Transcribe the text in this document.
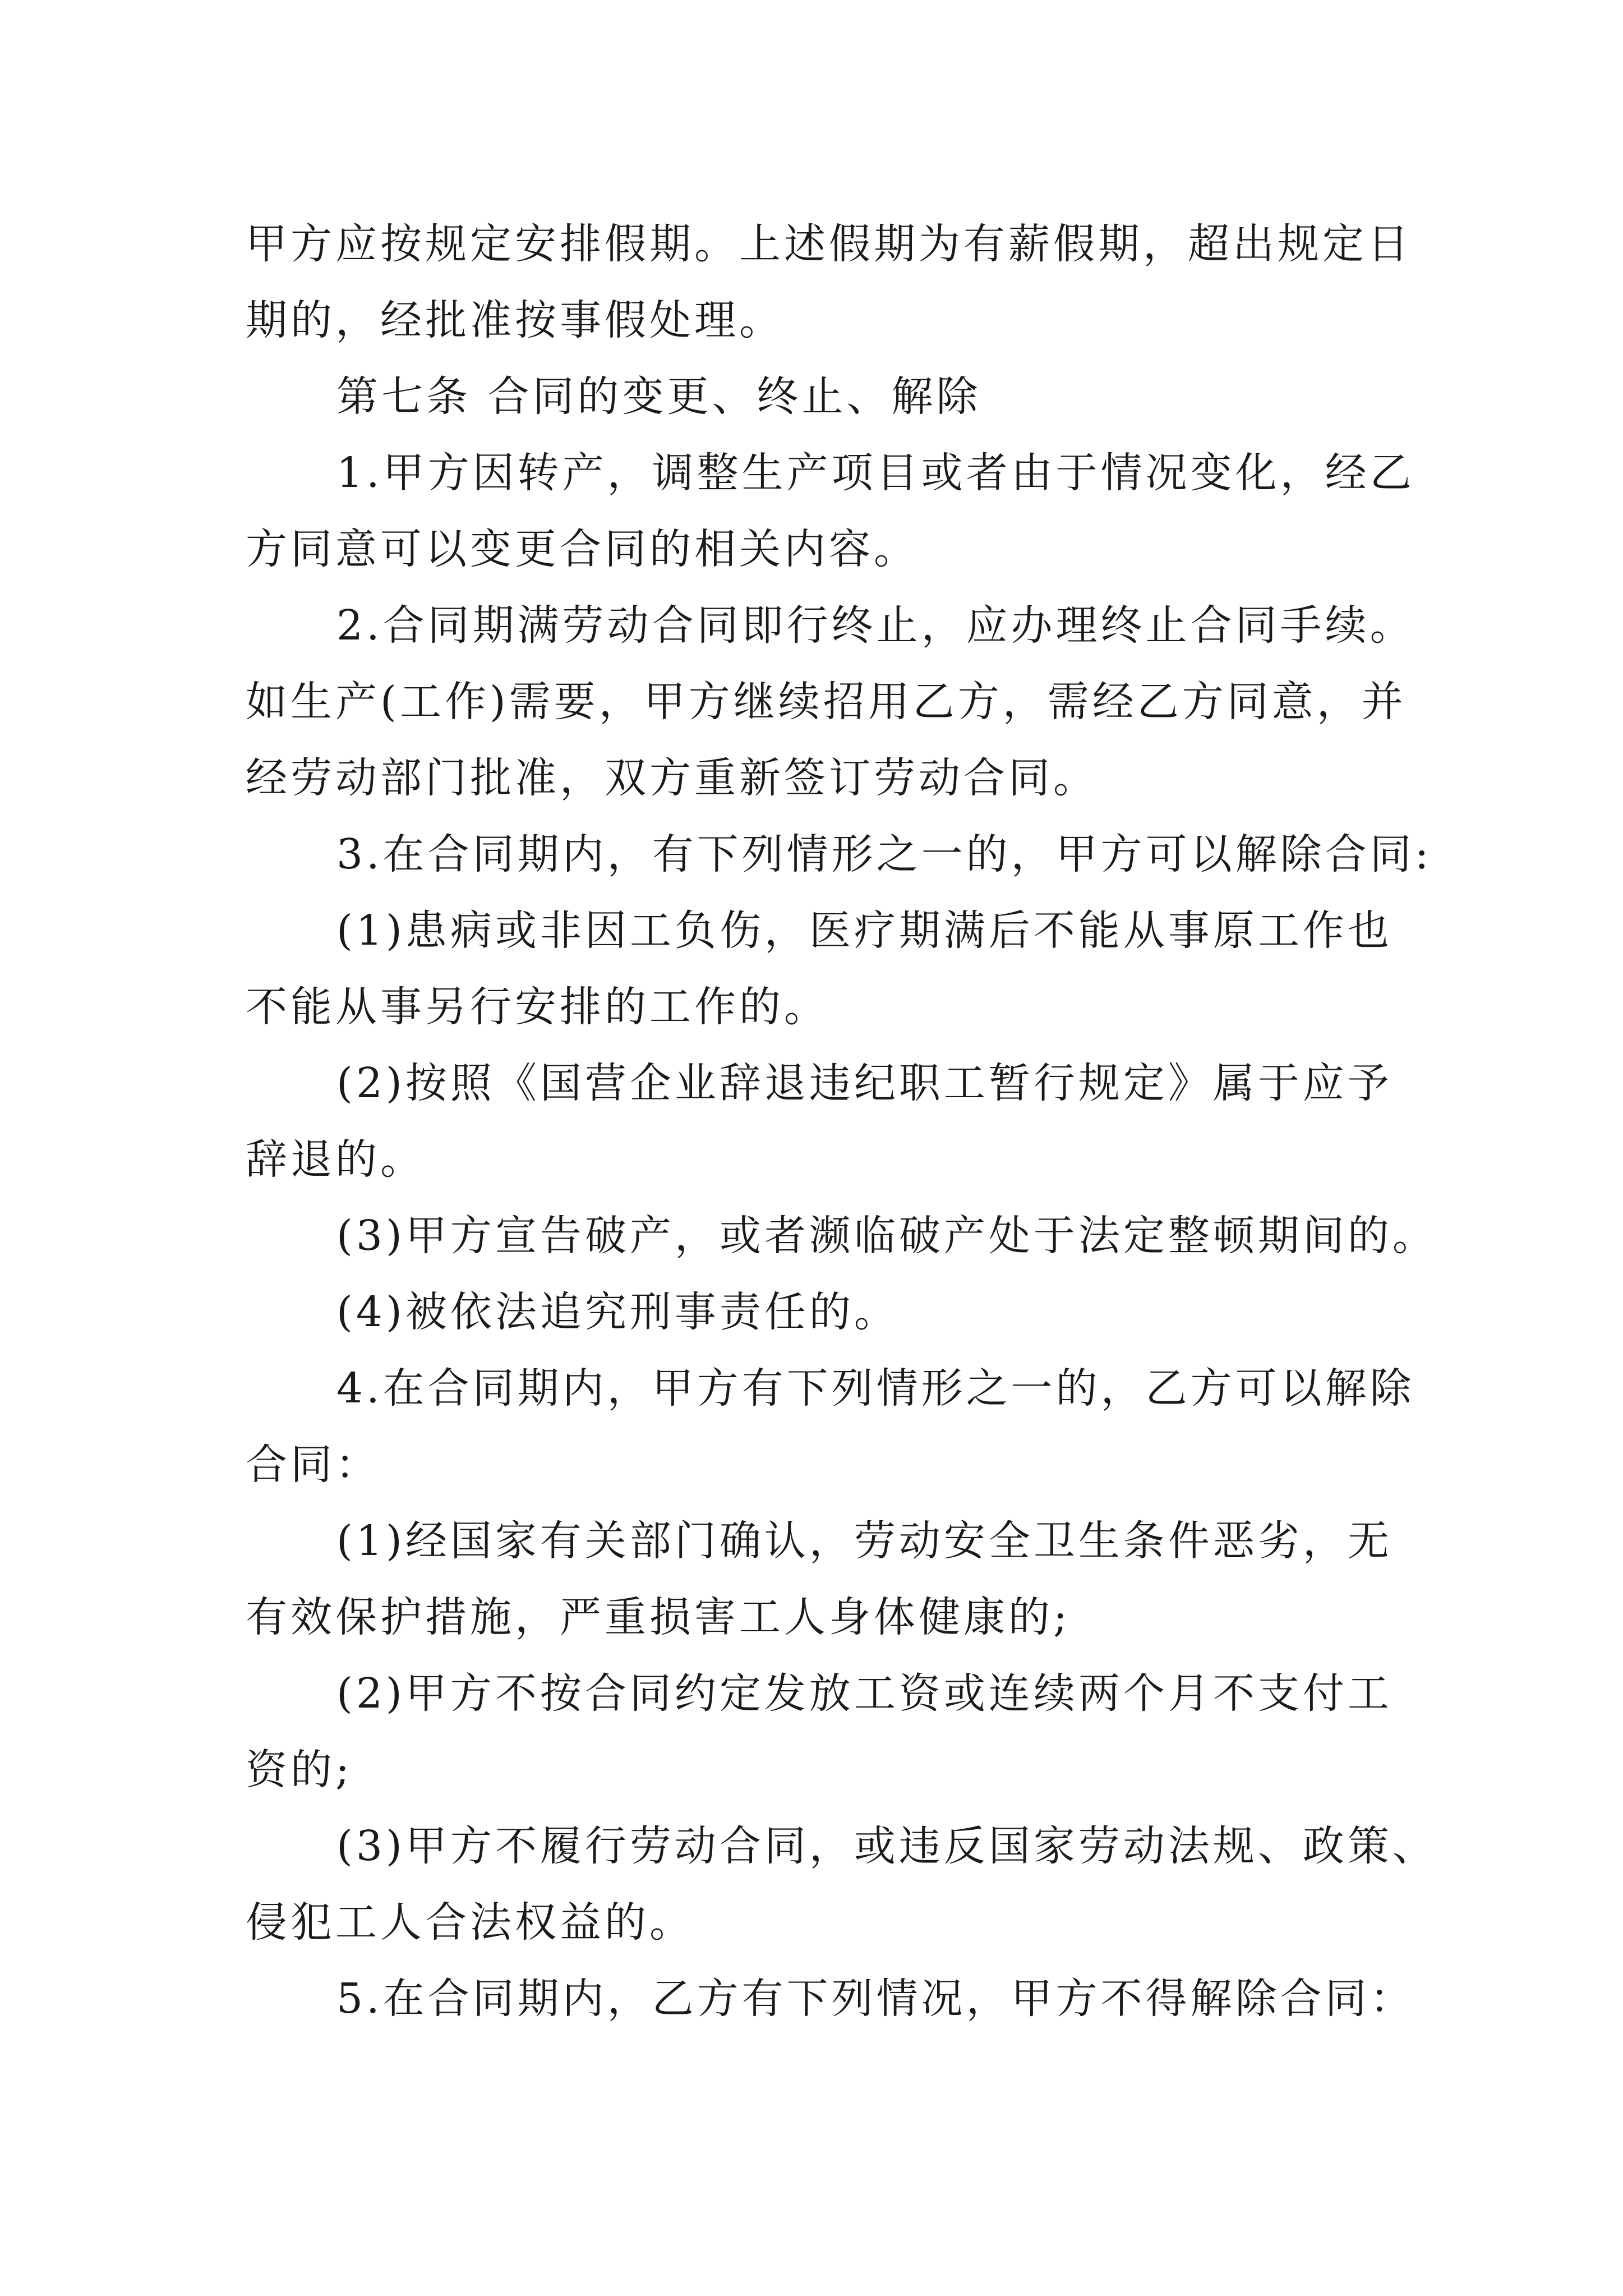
甲方应按规定安排假期。上述假期为有薪假期，超出规定日
期的，经批准按事假处理。
第七条 合同的变更、终止、解除
1.甲方因转产，调整生产项目或者由于情况变化，经乙
方同意可以变更合同的相关内容。
2.合同期满劳动合同即行终止，应办理终止合同手续。
如生产(工作)需要，甲方继续招用乙方，需经乙方同意，并
经劳动部门批准，双方重新签订劳动合同。
3.在合同期内，有下列情形之一的，甲方可以解除合同:
(1)患病或非因工负伤，医疗期满后不能从事原工作也
不能从事另行安排的工作的。
(2)按照《国营企业辞退违纪职工暂行规定》属于应予
辞退的。
(3)甲方宣告破产，或者濒临破产处于法定整顿期间的。
(4)被依法追究刑事责任的。
4.在合同期内，甲方有下列情形之一的，乙方可以解除
合同：
(1)经国家有关部门确认，劳动安全卫生条件恶劣，无
有效保护措施，严重损害工人身体健康的;
(2)甲方不按合同约定发放工资或连续两个月不支付工
资的;
(3)甲方不履行劳动合同，或违反国家劳动法规、政策、
侵犯工人合法权益的。
5.在合同期内，乙方有下列情况，甲方不得解除合同：
